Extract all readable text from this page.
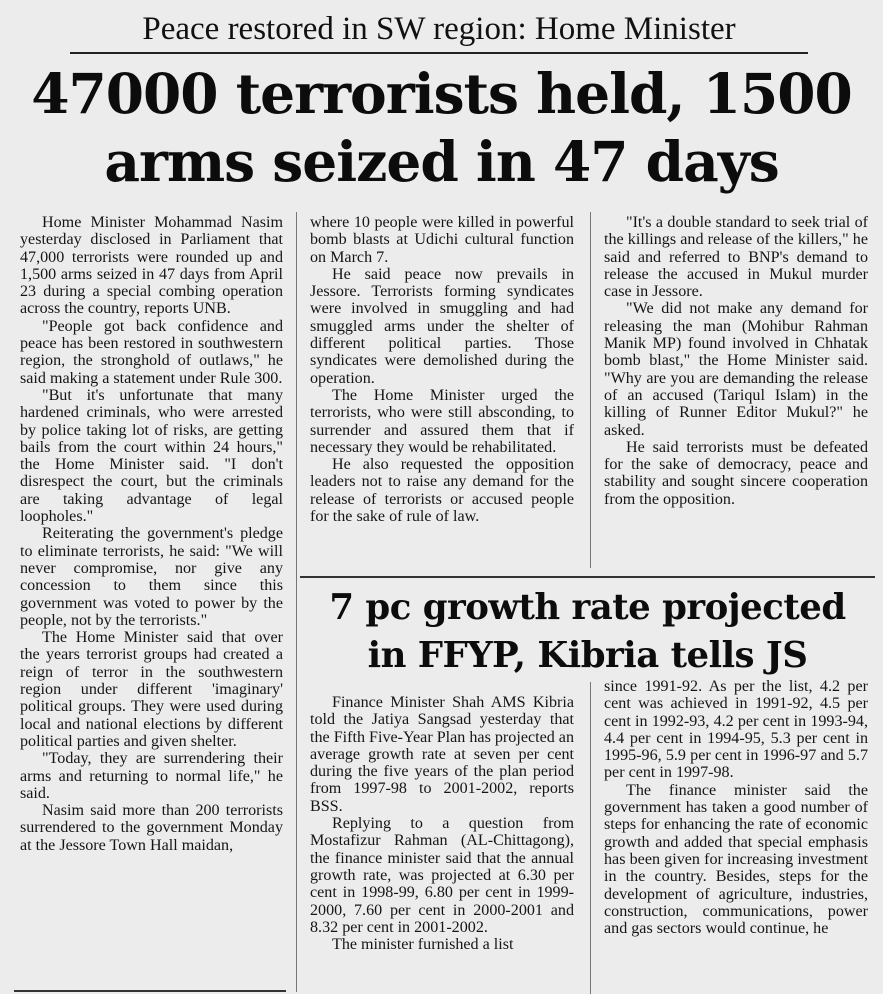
Peace restored in SW region: Home Minister
47000 terrorists held, 1500
arms seized in 47 days

Home Minister Mohammad Nasim yesterday disclosed in Parliament that 47,000 terrorists were rounded up and 1,500 arms seized in 47 days from April 23 during a special combing operation across the country, reports UNB.

"People got back confidence and peace has been restored in southwestern region, the stronghold of outlaws," he said making a statement under Rule 300.

"But it's unfortunate that many hardened criminals, who were arrested by police taking lot of risks, are getting bails from the court within 24 hours," the Home Minister said. "I don't disrespect the court, but the criminals are taking advantage of legal loopholes."

Reiterating the government's pledge to eliminate terrorists, he said: "We will never compromise, nor give any concession to them since this government was voted to power by the people, not by the terrorists."

The Home Minister said that over the years terrorist groups had created a reign of terror in the southwestern region under different 'imaginary' political groups. They were used during local and national elections by different political parties and given shelter.

"Today, they are surrendering their arms and returning to normal life," he said.

Nasim said more than 200 terrorists surrendered to the government Monday at the Jessore Town Hall maidan,

where 10 people were killed in powerful bomb blasts at Udichi cultural function on March 7.

He said peace now prevails in Jessore. Terrorists forming syndicates were involved in smuggling and had smuggled arms under the shelter of different political parties. Those syndicates were demolished during the operation.

The Home Minister urged the terrorists, who were still absconding, to surrender and assured them that if necessary they would be rehabilitated.

He also requested the opposition leaders not to raise any demand for the release of terrorists or accused people for the sake of rule of law.

"It's a double standard to seek trial of the killings and release of the killers," he said and referred to BNP's demand to release the accused in Mukul murder case in Jessore.

"We did not make any demand for releasing the man (Mohibur Rahman Manik MP) found involved in Chhatak bomb blast," the Home Minister said. "Why are you are demanding the release of an accused (Tariqul Islam) in the killing of Runner Editor Mukul?" he asked.

He said terrorists must be defeated for the sake of democracy, peace and stability and sought sincere cooperation from the opposition.

7 pc growth rate projected
in FFYP, Kibria tells JS

Finance Minister Shah AMS Kibria told the Jatiya Sangsad yesterday that the Fifth Five-Year Plan has projected an average growth rate at seven per cent during the five years of the plan period from 1997-98 to 2001-2002, reports BSS.

Replying to a question from Mostafizur Rahman (AL-Chittagong), the finance minister said that the annual growth rate, was projected at 6.30 per cent in 1998-99, 6.80 per cent in 1999-2000, 7.60 per cent in 2000-2001 and 8.32 per cent in 2001-2002.

The minister furnished a list

since 1991-92. As per the list, 4.2 per cent was achieved in 1991-92, 4.5 per cent in 1992-93, 4.2 per cent in 1993-94, 4.4 per cent in 1994-95, 5.3 per cent in 1995-96, 5.9 per cent in 1996-97 and 5.7 per cent in 1997-98.

The finance minister said the government has taken a good number of steps for enhancing the rate of economic growth and added that special emphasis has been given for increasing investment in the country. Besides, steps for the development of agriculture, industries, construction, communications, power and gas sectors would continue, he
